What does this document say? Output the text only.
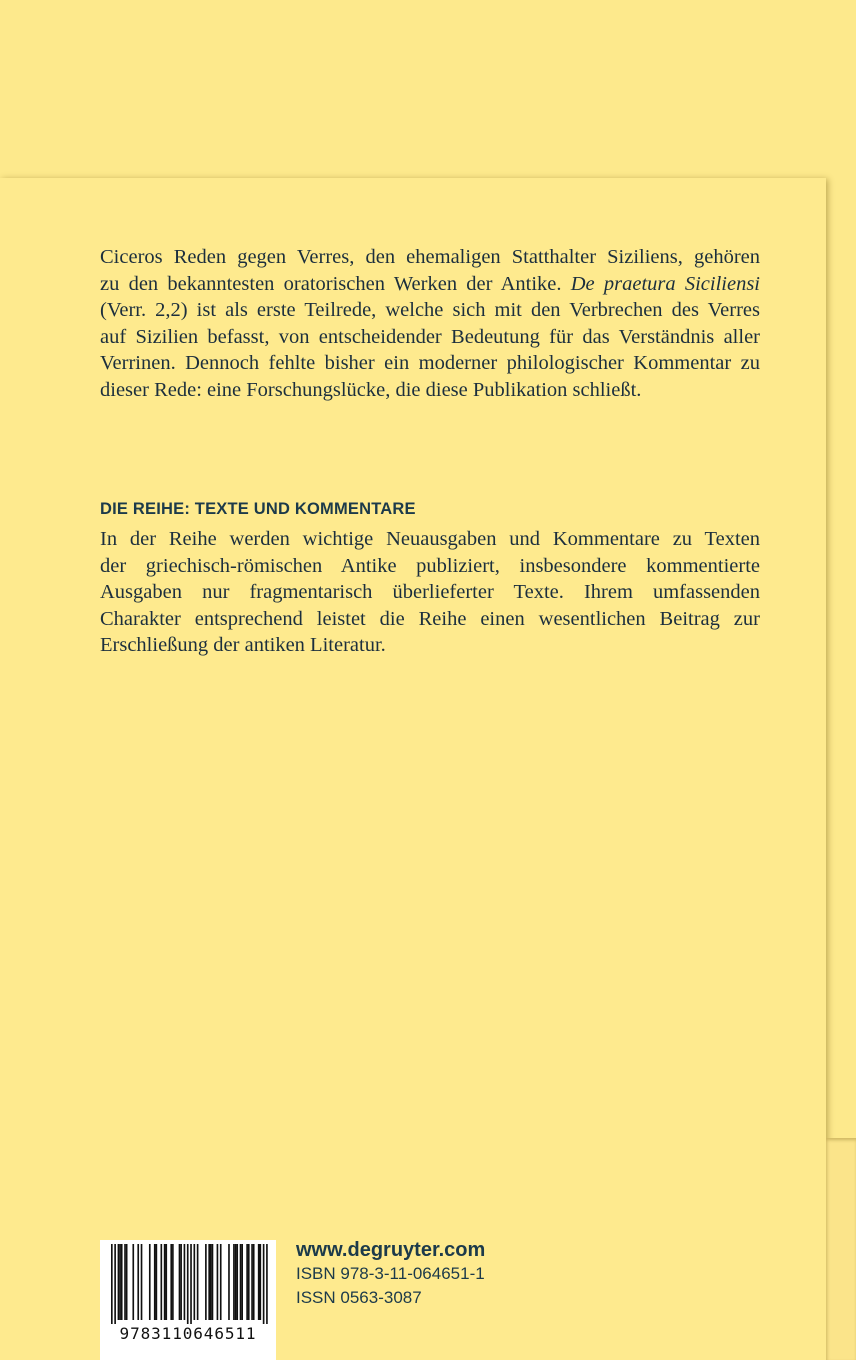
Ciceros Reden gegen Verres, den ehemaligen Statthalter Siziliens, gehören
zu den bekanntesten oratorischen Werken der Antike. De praetura Siciliensi
(Verr. 2,2) ist als erste Teilrede, welche sich mit den Verbrechen des Verres
auf Sizilien befasst, von entscheidender Bedeutung für das Verständnis aller
Verrinen. Dennoch fehlte bisher ein moderner philologischer Kommentar zu
dieser Rede: eine Forschungslücke, die diese Publikation schließt.
DIE REIHE: TEXTE UND KOMMENTARE
In der Reihe werden wichtige Neuausgaben und Kommentare zu Texten
der griechisch-römischen Antike publiziert, insbesondere kommentierte
Ausgaben nur fragmentarisch überlieferter Texte. Ihrem umfassenden
Charakter entsprechend leistet die Reihe einen wesentlichen Beitrag zur
Erschließung der antiken Literatur.
9783110646511
www.degruyter.com
ISBN 978-3-11-064651-1
ISSN 0563-3087
